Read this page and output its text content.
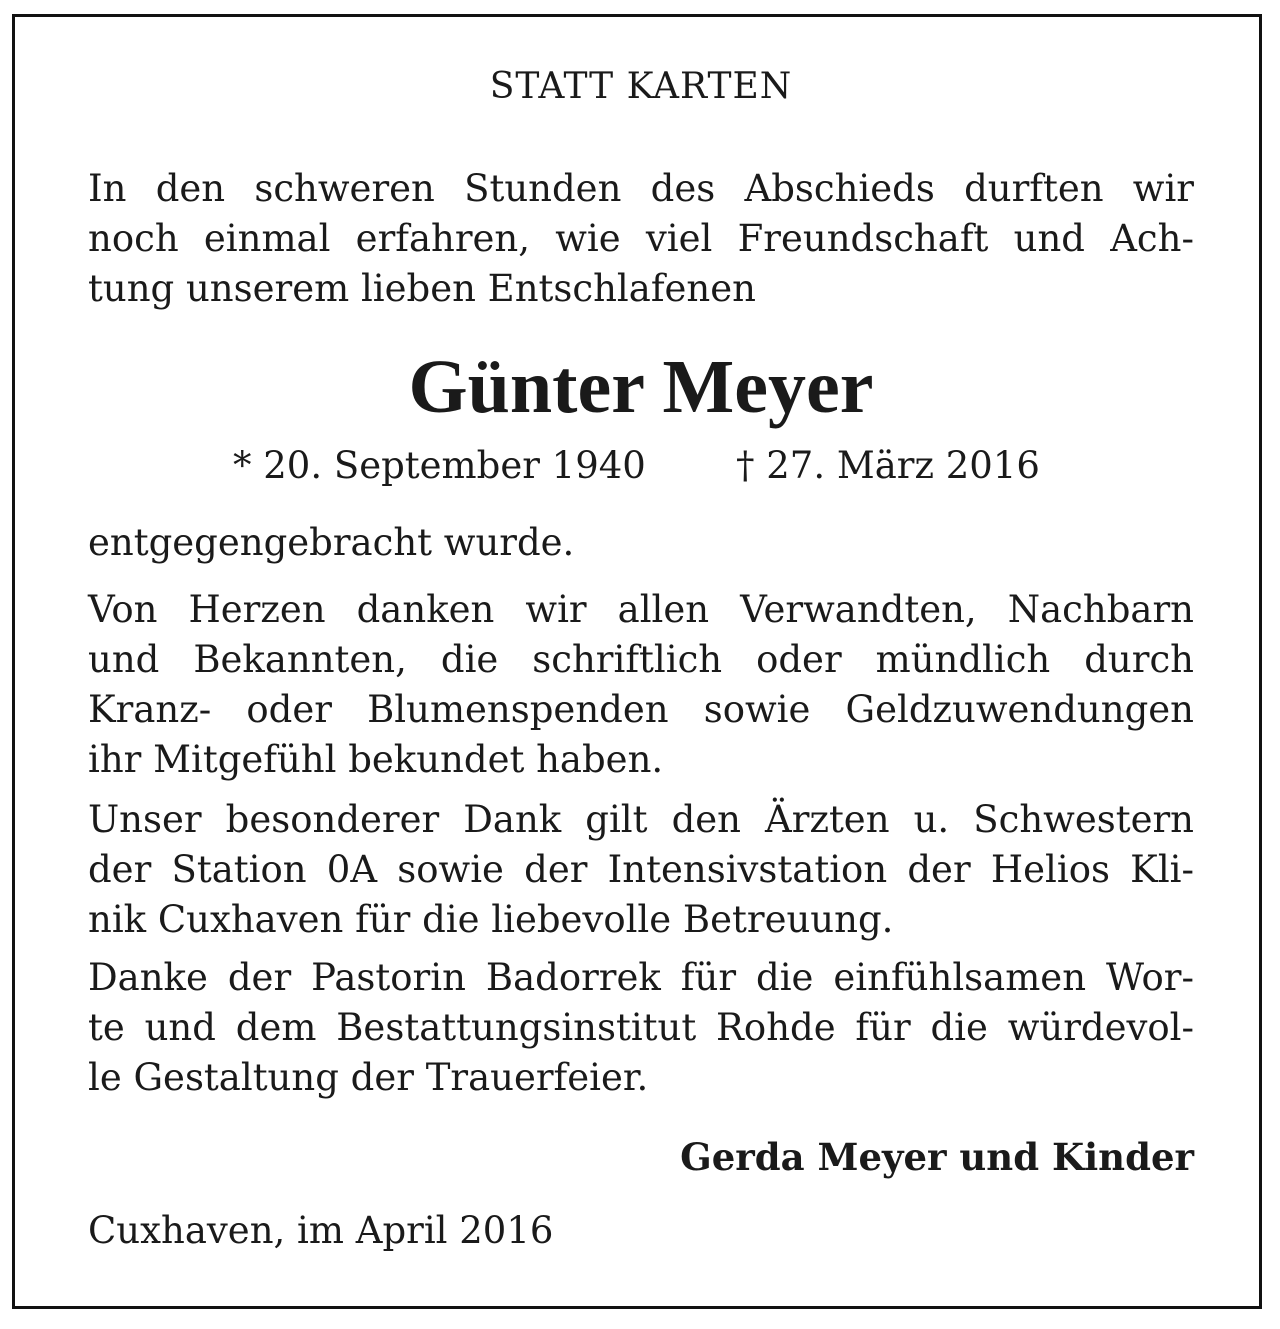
STATT KARTEN

In den schweren Stunden des Abschieds durften wir
noch einmal erfahren, wie viel Freundschaft und Ach-
tung unserem lieben Entschlafenen

Günter Meyer
* 20. September 1940 † 27. März 2016

entgegengebracht wurde.

Von Herzen danken wir allen Verwandten, Nachbarn
und Bekannten, die schriftlich oder mündlich durch
Kranz- oder Blumenspenden sowie Geldzuwendungen
ihr Mitgefühl bekundet haben.

Unser besonderer Dank gilt den Ärzten u. Schwestern
der Station 0A sowie der Intensivstation der Helios Kli-
nik Cuxhaven für die liebevolle Betreuung.

Danke der Pastorin Badorrek für die einfühlsamen Wor-
te und dem Bestattungsinstitut Rohde für die würdevol-
le Gestaltung der Trauerfeier.

Gerda Meyer und Kinder
Cuxhaven, im April 2016
